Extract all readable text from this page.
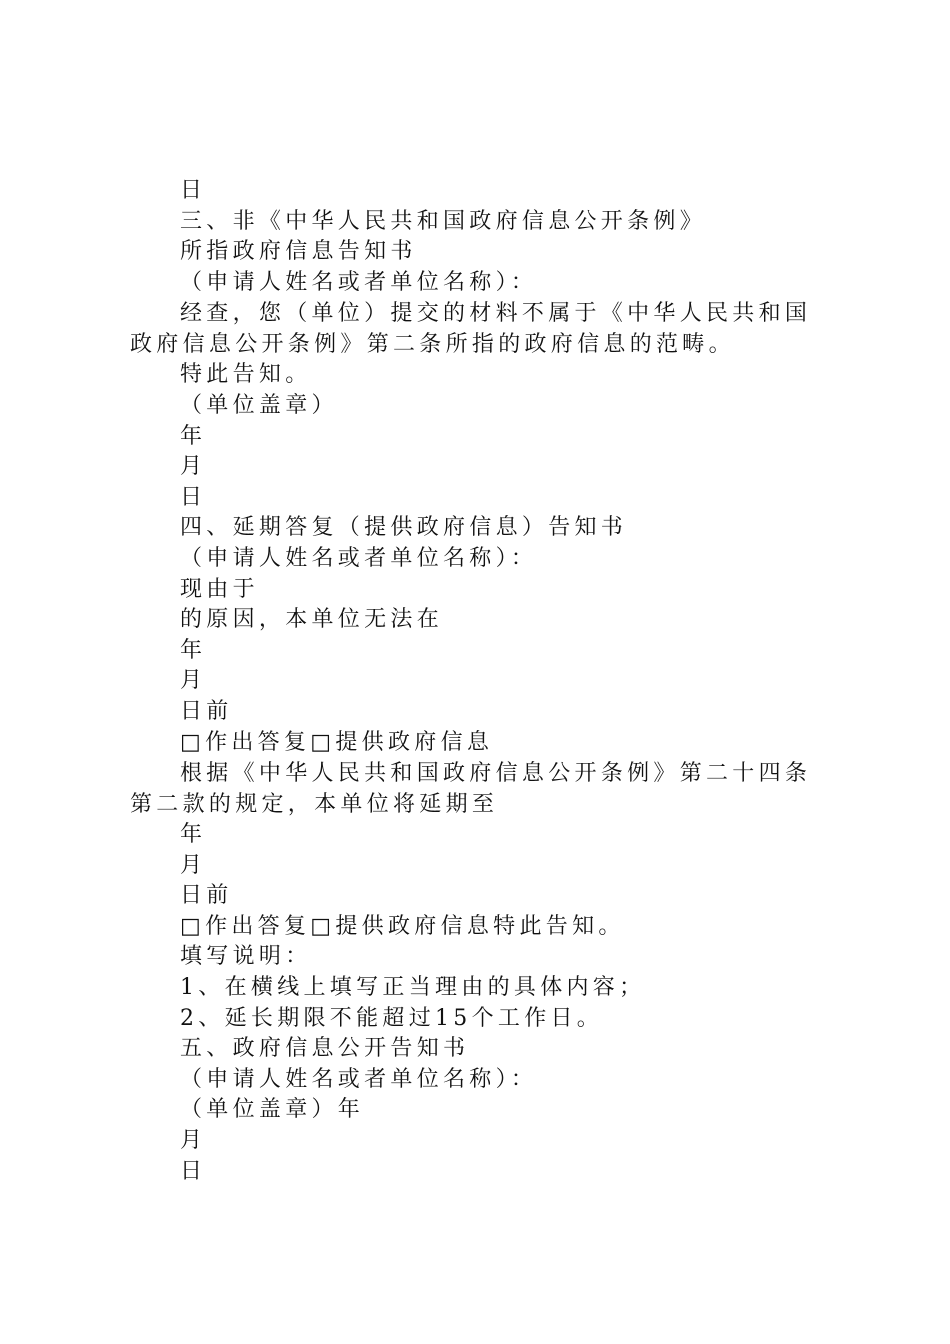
日

三、非《中华人民共和国政府信息公开条例》

所指政府信息告知书

（申请人姓名或者单位名称）：

经查，您（单位）提交的材料不属于《中华人民共和国政府信息公开条例》第二条所指的政府信息的范畴。

特此告知。

（单位盖章）

年

月

日

四、延期答复（提供政府信息）告知书

（申请人姓名或者单位名称）：

现由于

的原因，本单位无法在

年

月

日前

□作出答复□提供政府信息

根据《中华人民共和国政府信息公开条例》第二十四条第二款的规定，本单位将延期至

年

月

日前

□作出答复□提供政府信息特此告知。

填写说明：

1、在横线上填写正当理由的具体内容；

2、延长期限不能超过15个工作日。

五、政府信息公开告知书

（申请人姓名或者单位名称）：

（单位盖章）年

月

日
